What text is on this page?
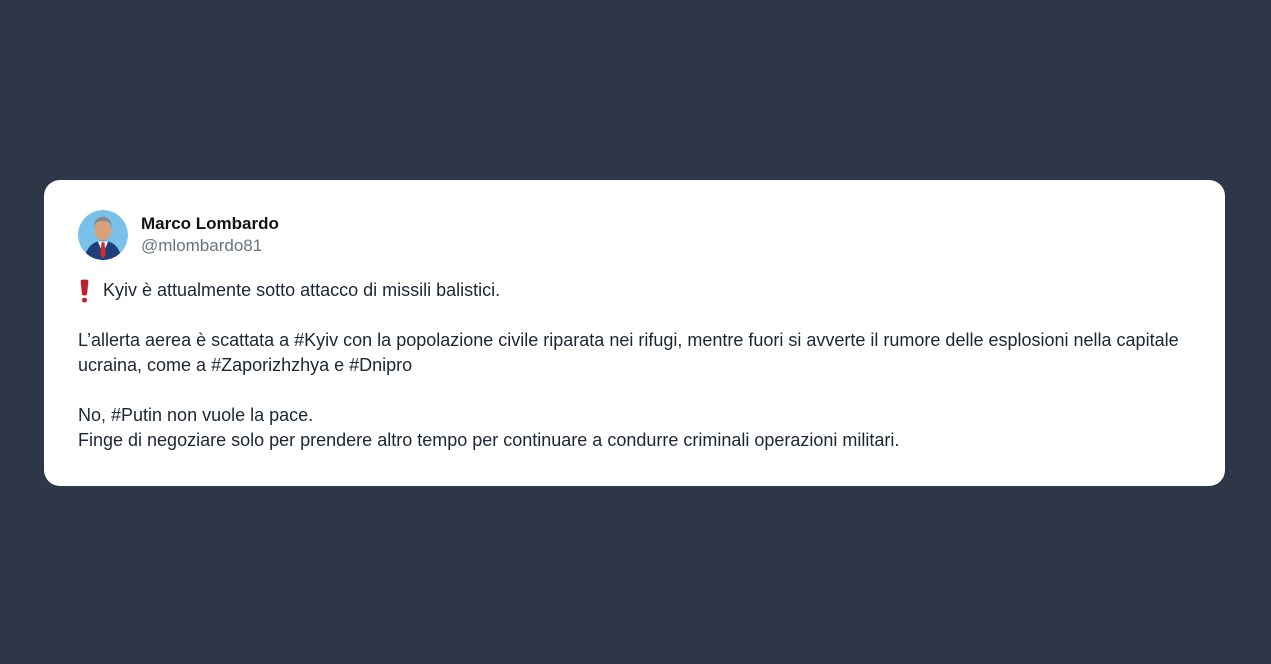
Marco Lombardo
@mlombardo81
Kyiv è attualmente sotto attacco di missili balistici.
L’allerta aerea è scattata a #Kyiv con la popolazione civile riparata nei rifugi, mentre fuori si avverte il rumore delle esplosioni nella capitale ucraina, come a #Zaporizhzhya e #Dnipro
No, #Putin non vuole la pace.
Finge di negoziare solo per prendere altro tempo per continuare a condurre criminali operazioni militari.
